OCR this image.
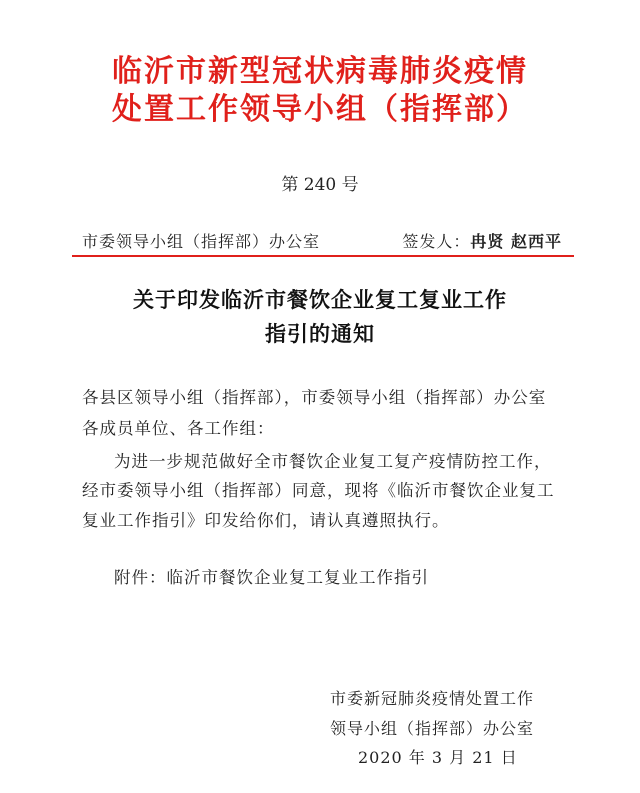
临沂市新型冠状病毒肺炎疫情
处置工作领导小组（指挥部）
第 240 号
市委领导小组（指挥部）办公室	签发人：冉贤 赵西平
关于印发临沂市餐饮企业复工复业工作
指引的通知
各县区领导小组（指挥部），市委领导小组（指挥部）办公室
各成员单位、各工作组：
为进一步规范做好全市餐饮企业复工复产疫情防控工作，
经市委领导小组（指挥部）同意，现将《临沂市餐饮企业复工
复业工作指引》印发给你们，请认真遵照执行。
附件：临沂市餐饮企业复工复业工作指引
市委新冠肺炎疫情处置工作
领导小组（指挥部）办公室
2020 年 3 月 21 日
